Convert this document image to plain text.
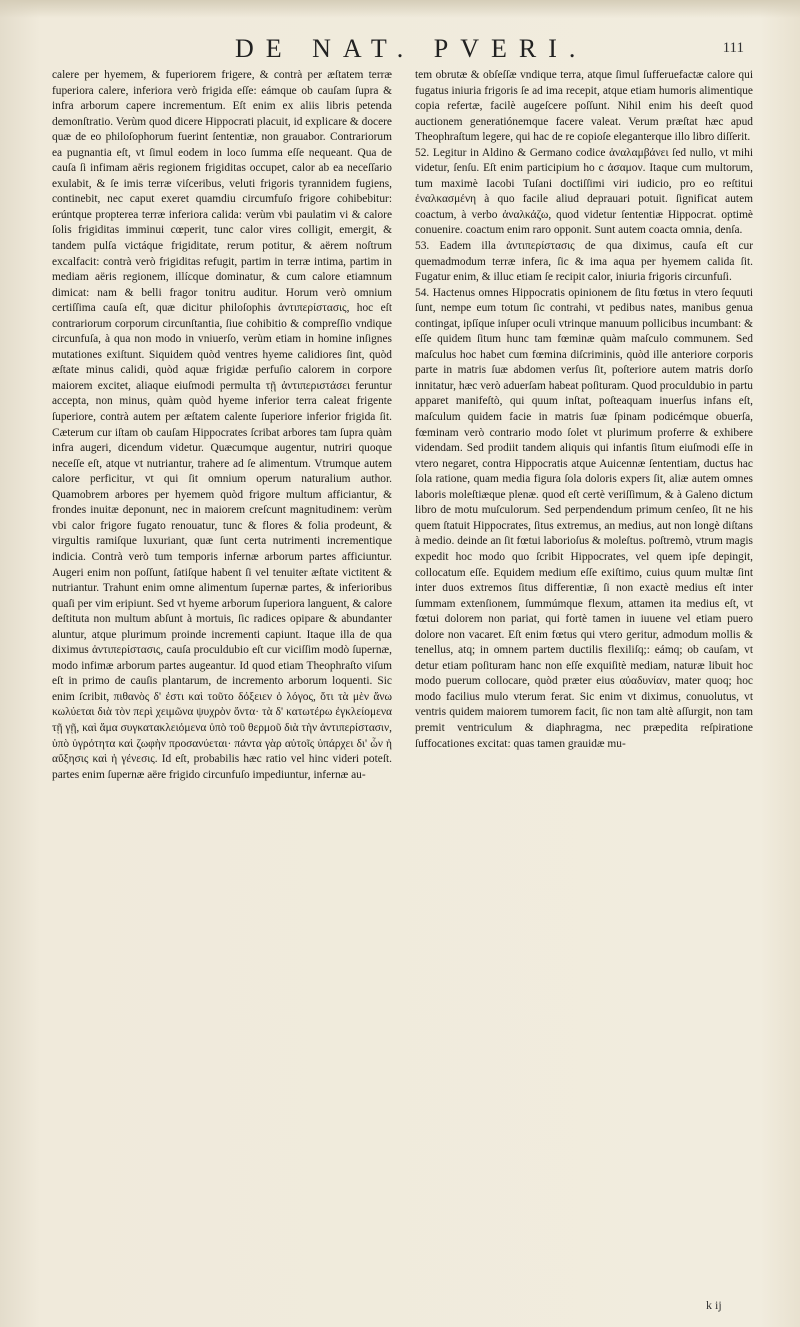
DE NAT. PVERI.	111

calere per hyemem, & fuperiorem frigere, & contrà per æſtatem terræ fuperiora calere, inferiora verò frigida eſſe: eámque ob cauſam ſupra & infra arborum capere incrementum. Eſt enim ex aliis libris petenda demonſtratio. Verùm quod dicere Hippocrati placuit, id explicare & docere quæ de eo philoſophorum fuerint ſententiæ, non grauabor. Contrariorum ea pugnantia eſt, vt ſimul eodem in loco ſumma eſſe nequeant. Qua de cauſa ſi infimam aëris regionem frigiditas occupet, calor ab ea neceſſario exulabit, & ſe imis terræ viſceribus, veluti frigoris tyrannidem fugiens, continebit, nec caput exeret quamdiu circumfuſo frigore cohibebitur: erúntque propterea terræ inferiora calida: verùm vbi paulatim vi & calore ſolis frigiditas imminui cœperit, tunc calor vires colligit, emergit, & tandem pulſa victáque frigiditate, rerum potitur, & aërem noſtrum excalfacit: contrà verò frigiditas refugit, partim in terræ intima, partim in mediam aëris regionem, illícque dominatur, & cum calore etiamnum dimicat: nam & belli fragor tonitru auditur. Horum verò omnium certiſſima cauſa eſt, quæ dicitur philoſophis ἀντιπερίστασις, hoc eſt contrariorum corporum circunſtantia, ſiue cohibitio & compreſſio vndique circunfuſa, à qua non modo in vniuerſo, verùm etiam in homine inſignes mutationes exiſtunt. Siquidem quòd ventres hyeme calidiores ſint, quòd æſtate minus calidi, quòd aquæ frigidæ perfuſio calorem in corpore maiorem excitet, aliaque eiuſmodi permulta τῇ ἀντιπεριστάσει feruntur accepta, non minus, quàm quòd hyeme inferior terra caleat frigente ſuperiore, contrà autem per æſtatem calente ſuperiore inferior frigida ſit. Cæterum cur iſtam ob cauſam Hippocrates ſcribat arbores tam ſupra quàm infra augeri, dicendum videtur. Quæcumque augentur, nutriri quoque neceſſe eſt, atque vt nutriantur, trahere ad ſe alimentum. Vtrumque autem calore perficitur, vt qui ſit omnium operum naturalium author. Quamobrem arbores per hyemem quòd frigore multum afficiantur, & frondes inuitæ deponunt, nec in maiorem creſcunt magnitudinem: verùm vbi calor frigore fugato renouatur, tunc & flores & folia prodeunt, & virgultis ramiſque luxuriant, quæ ſunt certa nutrimenti incrementique indicia. Contrà verò tum temporis infernæ arborum partes afficiuntur. Augeri enim non poſſunt, ſatiſque habent ſi vel tenuiter æſtate victitent & nutriantur. Trahunt enim omne alimentum ſupernæ partes, & inferioribus quaſi per vim eripiunt. Sed vt hyeme arborum ſuperiora languent, & calore deſtituta non multum abſunt à mortuis, ſic radices opipare & abundanter aluntur, atque plurimum proinde incrementi capiunt. Itaque illa de qua diximus ἀντιπερίστασις, cauſa proculdubio eſt cur viciſſim modò ſupernæ, modo infimæ arborum partes augeantur. Id quod etiam Theophraſto viſum eſt in primo de cauſis plantarum, de incremento arborum loquenti. Sic enim ſcribit, πιθανὸς δ' ἐστι καὶ τοῦτο δόξειεν ὁ λόγος, ὅτι τὰ μὲν ἄνω κωλύεται διὰ τὸν περὶ χειμῶνα ψυχρὸν ὄντα· τὰ δ' κατωτέρω ἐγκλείομενα τῇ γῇ, καὶ ἅμα συγκατακλειόμενα ὑπὸ τοῦ θερμοῦ διὰ τὴν ἀντιπερίστασιν, ὑπὸ ὑγρότητα καὶ ζωφὴν προσανύεται· πάντα γὰρ αὐτοῖς ὑπάρχει δι' ὧν ἡ αὔξησις καὶ ἡ γένεσις. Id eſt, probabilis hæc ratio vel hinc videri poteſt. partes enim ſupernæ aëre frigido circunfuſo impediuntur, infernæ au-

tem obrutæ & obſeſſæ vndique terra, atque ſimul ſufferuefactæ calore qui fugatus iniuria frigoris ſe ad ima recepit, atque etiam humoris alimentique copia refertæ, facilè augeſcere poſſunt. Nihil enim his deeſt quod auctionem generatiónemque facere valeat. Verum præſtat hæc apud Theophraſtum legere, qui hac de re copioſe eleganterque illo libro diſſerit.

52. Legitur in Aldino & Germano codice ἀναλαμβάνει ſed nullo, vt mihi videtur, ſenſu. Eſt enim participium ho c ἀσαμον. Itaque cum multorum, tum maximè Iacobi Tuſani doctiſſimi viri iudicio, pro eo reſtitui ἐναλκασμένη à quo facile aliud deprauari potuit. ſignificat autem coactum, à verbo ἀναλκάζω, quod videtur ſententiæ Hippocrat. optimè conuenire. coactum enim raro opponit. Sunt autem coacta omnia, denſa.

53. Eadem illa ἀντιπερίστασις de qua diximus, cauſa eſt cur quemadmodum terræ infera, ſic & ima aqua per hyemem calida ſit. Fugatur enim, & illuc etiam ſe recipit calor, iniuria frigoris circunfuſi.

54. Hactenus omnes Hippocratis opinionem de ſitu fœtus in vtero ſequuti ſunt, nempe eum totum ſic contrahi, vt pedibus nates, manibus genua contingat, ipſíque inſuper oculi vtrinque manuum pollicibus incumbant: & eſſe quidem ſitum hunc tam fœminæ quàm maſculo communem. Sed maſculus hoc habet cum fœmina diſcriminis, quòd ille anteriore corporis parte in matris ſuæ abdomen verſus ſit, poſteriore autem matris dorſo innitatur, hæc verò aduerſam habeat poſituram. Quod proculdubio in partu apparet manifeſtò, qui quum inſtat, poſteaquam inuerſus infans eſt, maſculum quidem facie in matris ſuæ ſpinam podicémque obuerſa, fœminam verò contrario modo ſolet vt plurimum proferre & exhibere videndam. Sed prodiit tandem aliquis qui infantis ſitum eiuſmodi eſſe in vtero negaret, contra Hippocratis atque Auicennæ ſententiam, ductus hac ſola ratione, quam media figura ſola doloris expers ſit, aliæ autem omnes laboris moleſtiæque plenæ. quod eſt certè veriſſimum, & à Galeno dictum libro de motu muſculorum. Sed perpendendum primum cenſeo, ſit ne his quem ſtatuit Hippocrates, ſitus extremus, an medius, aut non longè diſtans à medio. deinde an ſit fœtui laborioſus & moleſtus. poſtremò, vtrum magis expedit hoc modo quo ſcribit Hippocrates, vel quem ipſe depingit, collocatum eſſe. Equidem medium eſſe exiſtimo, cuius quum multæ ſint inter duos extremos ſitus differentiæ, ſi non exactè medius eſt inter ſummam extenſionem, ſummúmque flexum, attamen ita medius eſt, vt fœtui dolorem non pariat, qui fortè tamen in iuuene vel etiam puero dolore non vacaret. Eſt enim fœtus qui vtero geritur, admodum mollis & tenellus, atq; in omnem partem ductilis flexiliſq;: eámq; ob cauſam, vt detur etiam poſituram hanc non eſſe exquiſitè mediam, naturæ libuit hoc modo puerum collocare, quòd præter eius αὐαδυνίαν, mater quoq; hoc modo facilius mulo vterum ferat. Sic enim vt diximus, conuolutus, vt ventris quidem maiorem tumorem facit, ſic non tam altè aſſurgit, non tam premit ventriculum & diaphragma, nec præpedita reſpiratione ſuffocationes excitat: quas tamen grauidæ mu-

k ij
